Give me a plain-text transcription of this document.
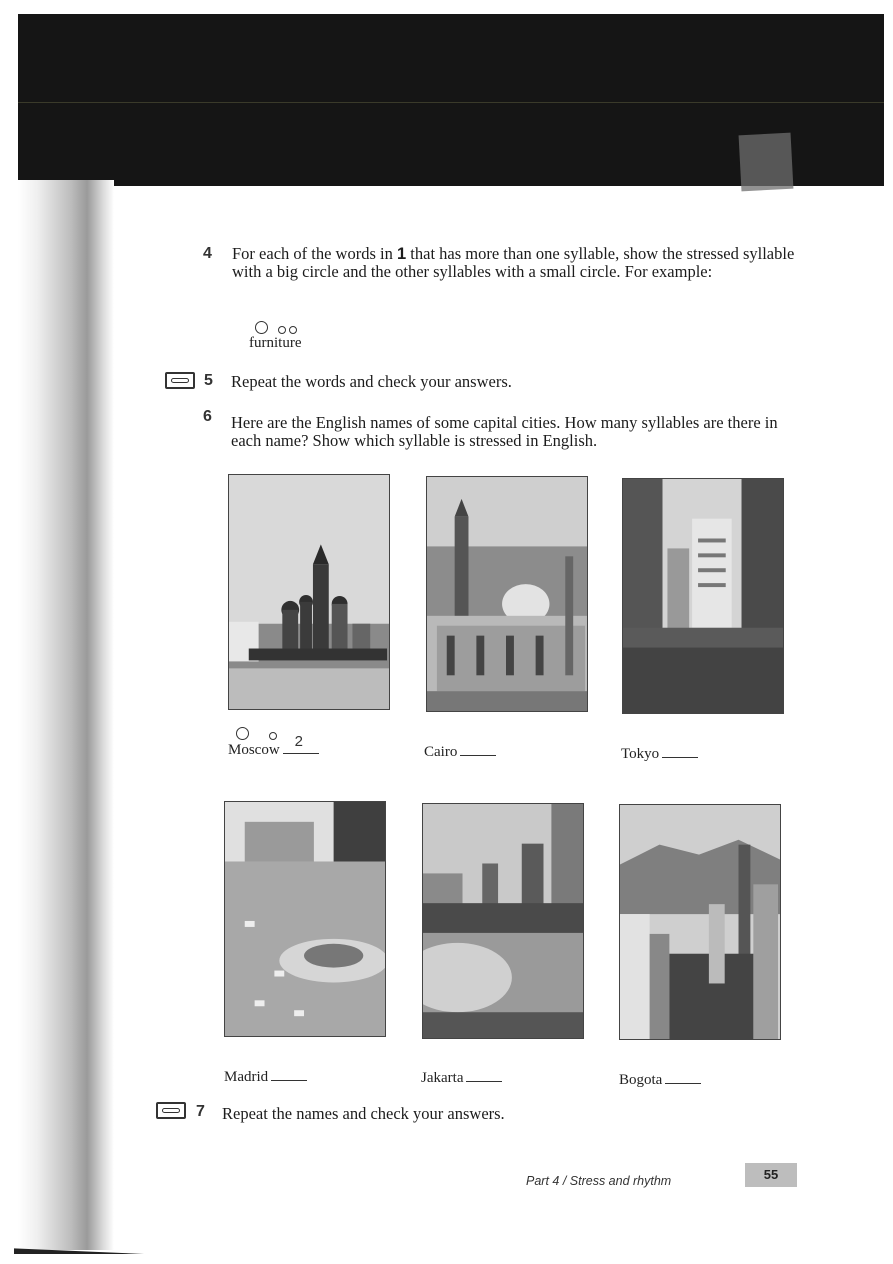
4 For each of the words in 1 that has more than one syllable, show the stressed syllable with a big circle and the other syllables with a small circle. For example:
furniture
5 Repeat the words and check your answers.
6 Here are the English names of some capital cities. How many syllables are there in each name? Show which syllable is stressed in English.
Moscow 2
Cairo	Tokyo
Madrid	Jakarta	Bogota
7 Repeat the names and check your answers.
Part 4 / Stress and rhythm	55
